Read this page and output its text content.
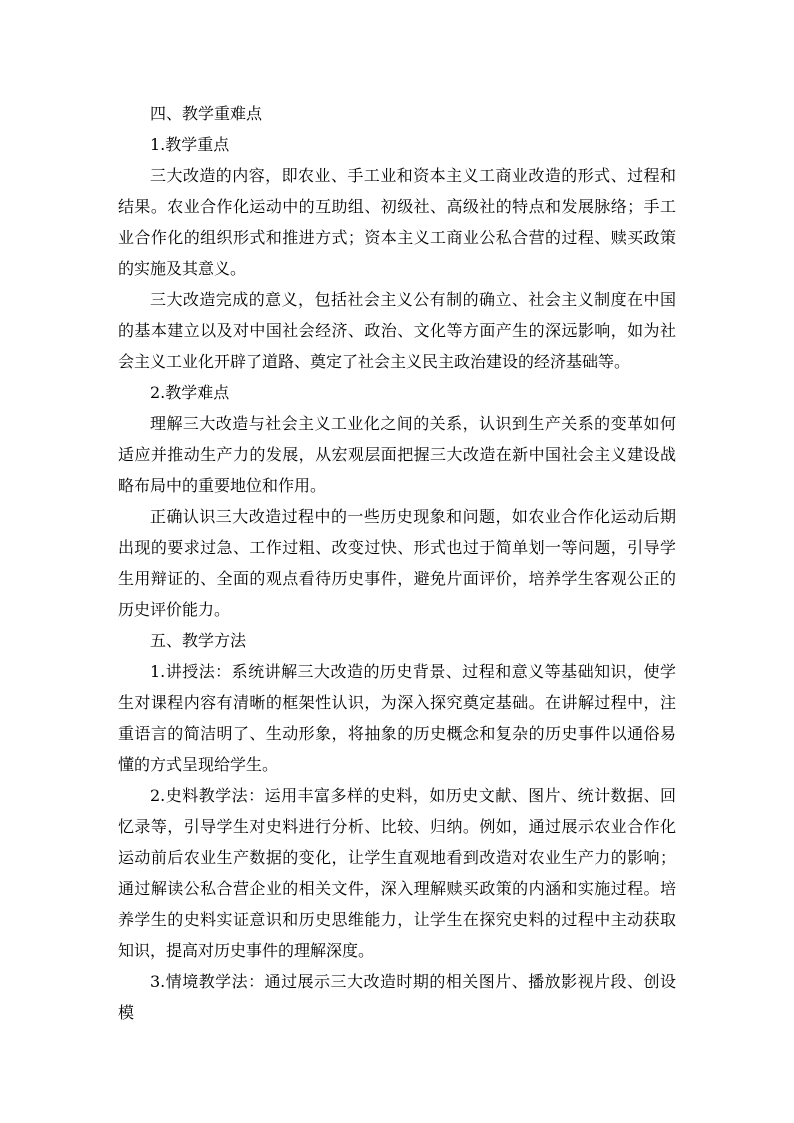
四、教学重难点

1.教学重点

三大改造的内容，即农业、手工业和资本主义工商业改造的形式、过程和结果。农业合作化运动中的互助组、初级社、高级社的特点和发展脉络；手工业合作化的组织形式和推进方式；资本主义工商业公私合营的过程、赎买政策的实施及其意义。

三大改造完成的意义，包括社会主义公有制的确立、社会主义制度在中国的基本建立以及对中国社会经济、政治、文化等方面产生的深远影响，如为社会主义工业化开辟了道路、奠定了社会主义民主政治建设的经济基础等。

2.教学难点

理解三大改造与社会主义工业化之间的关系，认识到生产关系的变革如何适应并推动生产力的发展，从宏观层面把握三大改造在新中国社会主义建设战略布局中的重要地位和作用。

正确认识三大改造过程中的一些历史现象和问题，如农业合作化运动后期出现的要求过急、工作过粗、改变过快、形式也过于简单划一等问题，引导学生用辩证的、全面的观点看待历史事件，避免片面评价，培养学生客观公正的历史评价能力。

五、教学方法

1.讲授法：系统讲解三大改造的历史背景、过程和意义等基础知识，使学生对课程内容有清晰的框架性认识，为深入探究奠定基础。在讲解过程中，注重语言的简洁明了、生动形象，将抽象的历史概念和复杂的历史事件以通俗易懂的方式呈现给学生。

2.史料教学法：运用丰富多样的史料，如历史文献、图片、统计数据、回忆录等，引导学生对史料进行分析、比较、归纳。例如，通过展示农业合作化运动前后农业生产数据的变化，让学生直观地看到改造对农业生产力的影响；通过解读公私合营企业的相关文件，深入理解赎买政策的内涵和实施过程。培养学生的史料实证意识和历史思维能力，让学生在探究史料的过程中主动获取知识，提高对历史事件的理解深度。

3.情境教学法：通过展示三大改造时期的相关图片、播放影视片段、创设模
